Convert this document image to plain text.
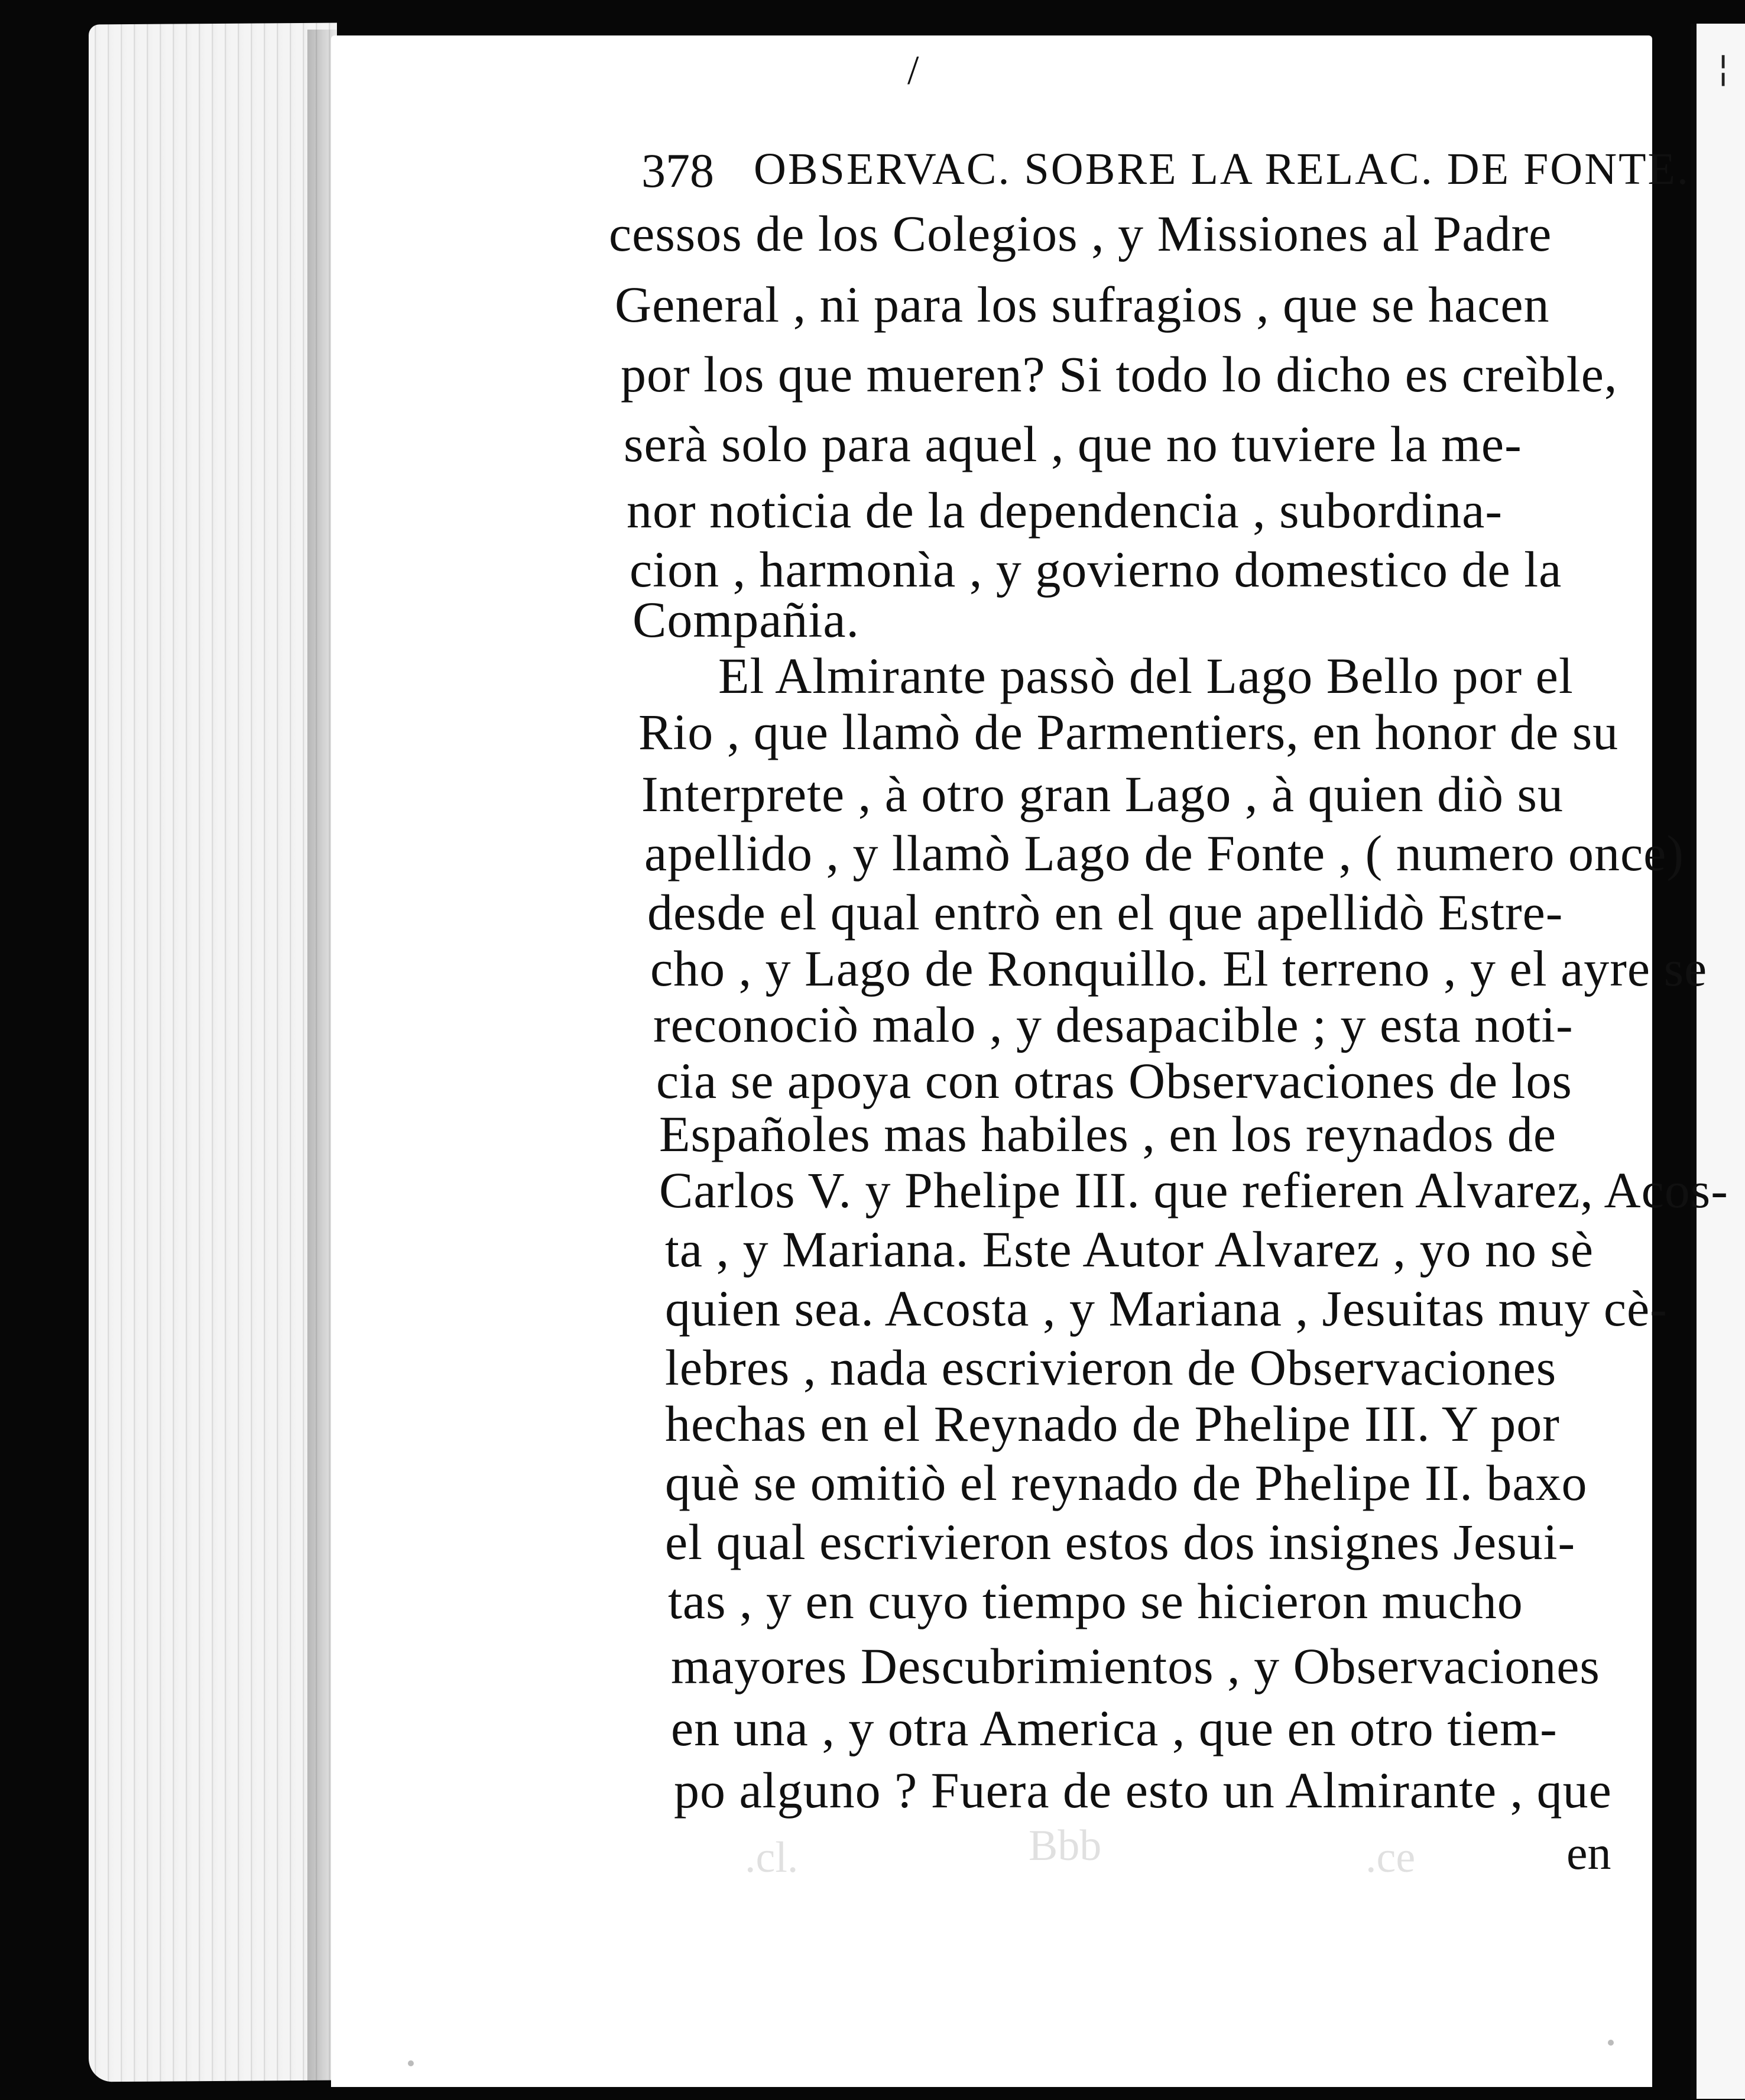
¦
Bbb
.cl.	.ce
/
378 OBSERVAC. SOBRE LA RELAC. DE FONTE.
cessos de los Colegios , y Missiones al Padre
General , ni para los sufragios , que se hacen
por los que mueren? Si todo lo dicho es creìble,
serà solo para aquel , que no tuviere la me-
nor noticia de la dependencia , subordina-
cion , harmonìa , y govierno domestico de la
Compañia.
El Almirante passò del Lago Bello por el
Rio , que llamò de Parmentiers, en honor de su
Interprete , à otro gran Lago , à quien diò su
apellido , y llamò Lago de Fonte , ( numero once)
desde el qual entrò en el que apellidò Estre-
cho , y Lago de Ronquillo. El terreno , y el ayre se
reconociò malo , y desapacible ; y esta noti-
cia se apoya con otras Observaciones de los
Españoles mas habiles , en los reynados de
Carlos V. y Phelipe III. que refieren Alvarez, Acos-
ta , y Mariana. Este Autor Alvarez , yo no sè
quien sea. Acosta , y Mariana , Jesuitas muy cè-
lebres , nada escrivieron de Observaciones
hechas en el Reynado de Phelipe III. Y por
què se omitiò el reynado de Phelipe II. baxo
el qual escrivieron estos dos insignes Jesui-
tas , y en cuyo tiempo se hicieron mucho
mayores Descubrimientos , y Observaciones
en una , y otra America , que en otro tiem-
po alguno ? Fuera de esto un Almirante , que
en
